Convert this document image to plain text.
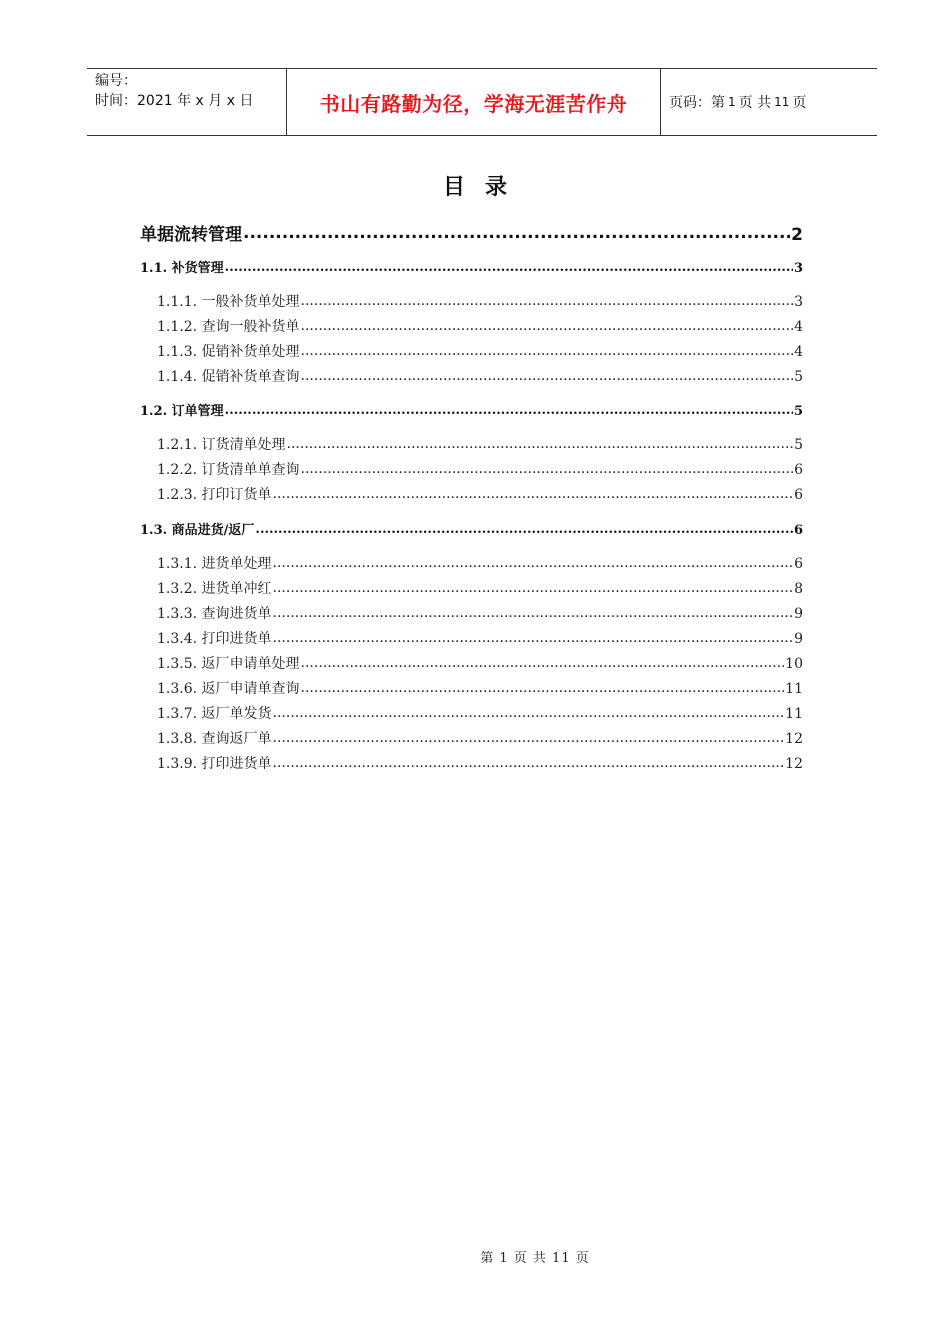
编号：
时间：2021 年 x 月 x 日	书山有路勤为径，学海无涯苦作舟	页码：第 1 页 共 11 页
目录
单据流转管理 .....	2
1.1. 补货管理 .....	3
1.1.1. 一般补货单处理 .....	3
1.1.2. 查询一般补货单 .....	4
1.1.3. 促销补货单处理 .....	4
1.1.4. 促销补货单查询 .....	5
1.2. 订单管理 .....	5
1.2.1. 订货清单处理 .....	5
1.2.2. 订货清单单查询 .....	6
1.2.3. 打印订货单 .....	6
1.3. 商品进货/返厂 .....	6
1.3.1. 进货单处理 .....	6
1.3.2. 进货单冲红 .....	8
1.3.3. 查询进货单 .....	9
1.3.4. 打印进货单 .....	9
1.3.5. 返厂申请单处理 .....	10
1.3.6. 返厂申请单查询 .....	11
1.3.7. 返厂单发货 .....	11
1.3.8. 查询返厂单 .....	12
1.3.9. 打印进货单 .....	12
第 1 页 共 11 页
